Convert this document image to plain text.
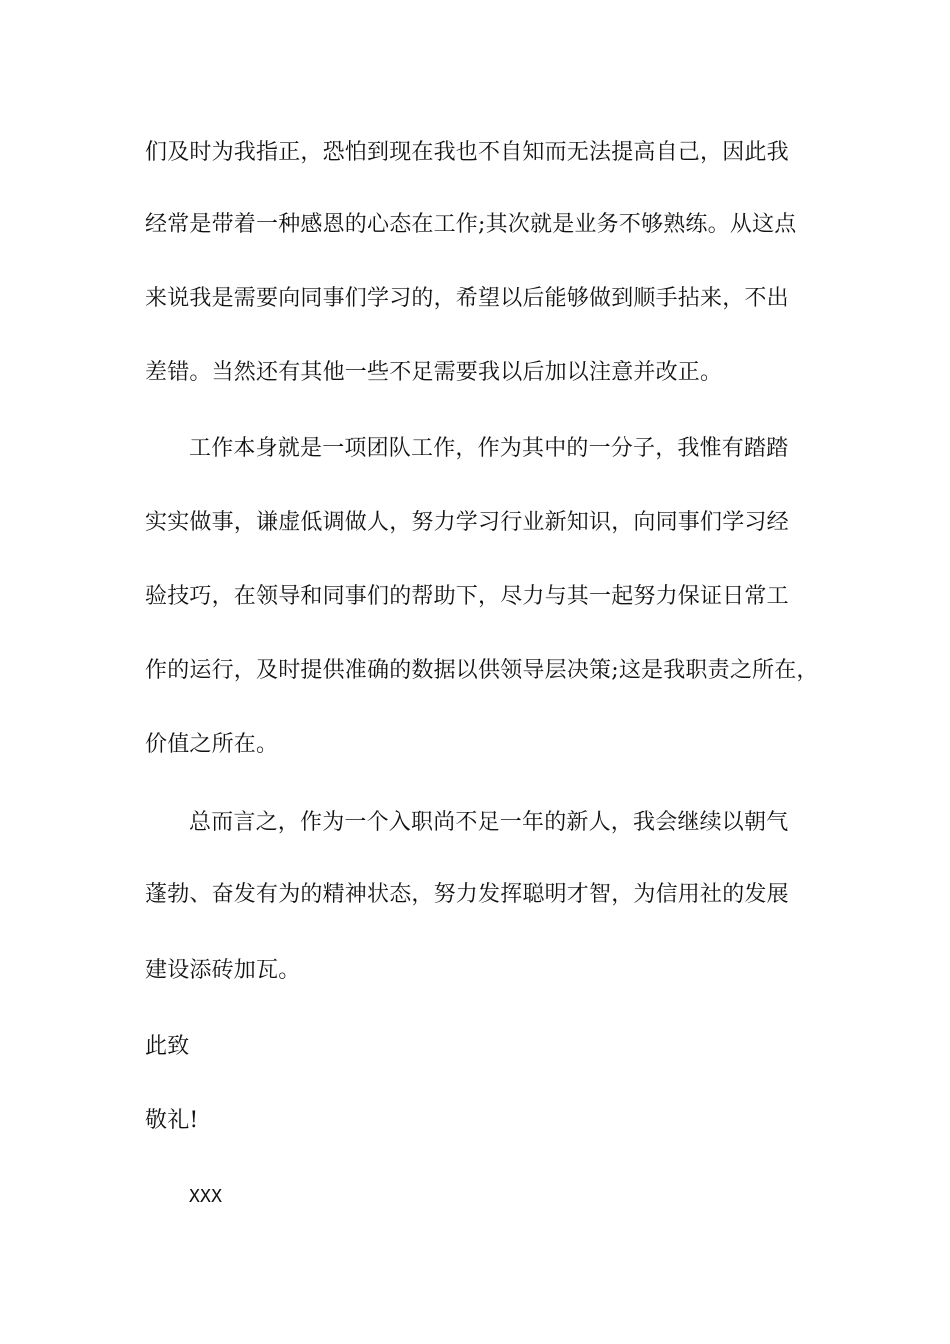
们及时为我指正，恐怕到现在我也不自知而无法提高自己，因此我
经常是带着一种感恩的心态在工作;其次就是业务不够熟练。从这点
来说我是需要向同事们学习的，希望以后能够做到顺手拈来，不出
差错。当然还有其他一些不足需要我以后加以注意并改正。
工作本身就是一项团队工作，作为其中的一分子，我惟有踏踏
实实做事，谦虚低调做人，努力学习行业新知识，向同事们学习经
验技巧，在领导和同事们的帮助下，尽力与其一起努力保证日常工
作的运行，及时提供准确的数据以供领导层决策;这是我职责之所在，
价值之所在。
总而言之，作为一个入职尚不足一年的新人，我会继续以朝气
蓬勃、奋发有为的精神状态，努力发挥聪明才智，为信用社的发展
建设添砖加瓦。
此致
敬礼!
XXX
